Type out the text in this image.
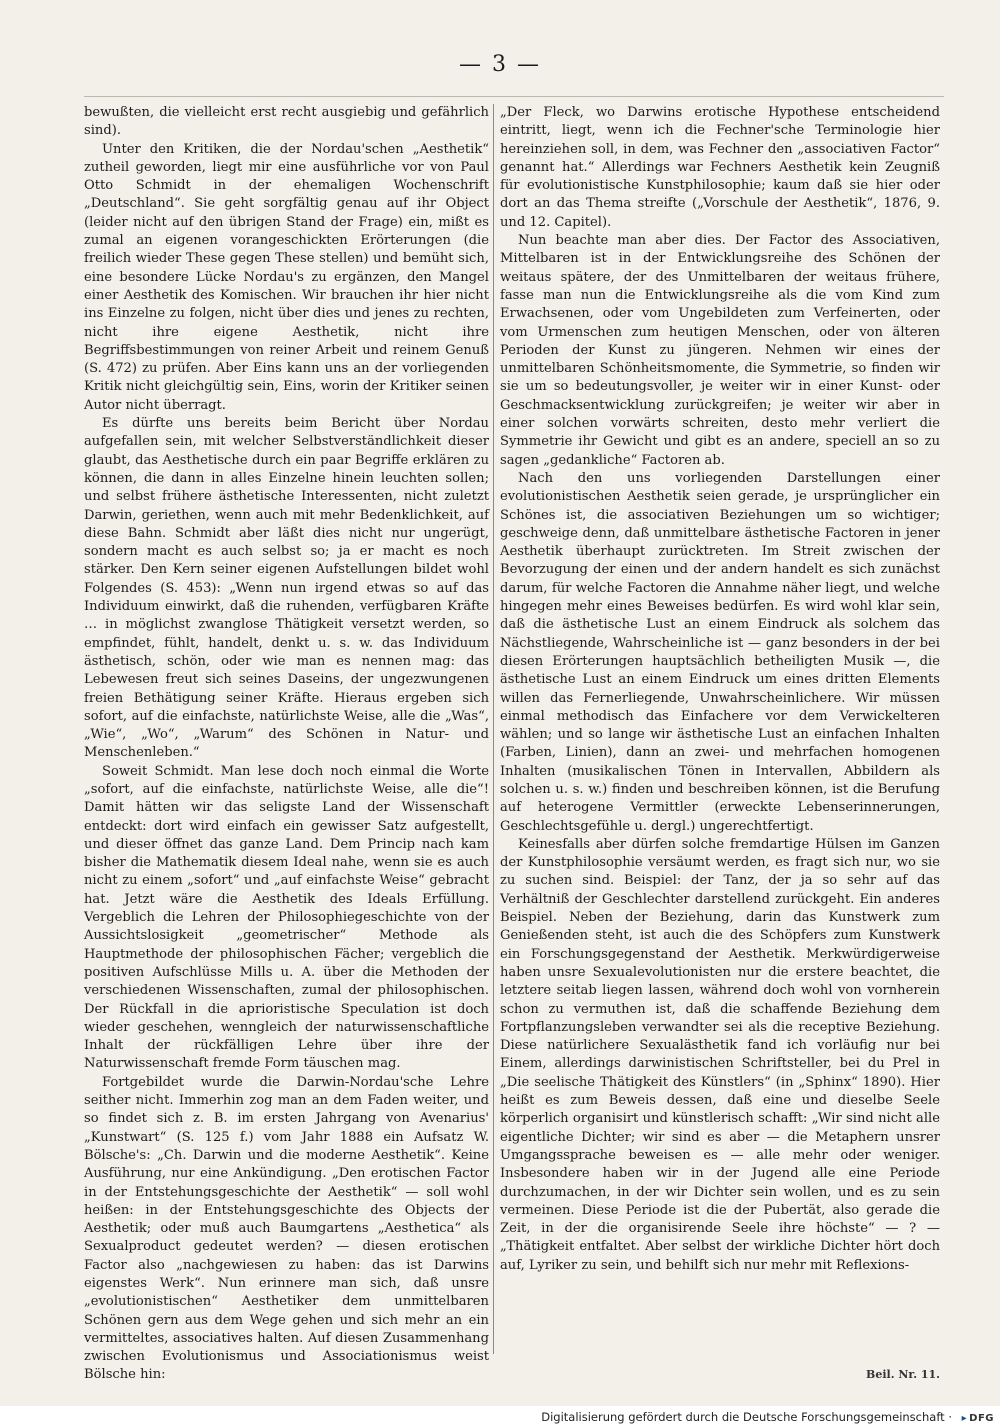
— 3 —

bewußten, die vielleicht erst recht ausgiebig und gefährlich sind).

Unter den Kritiken, die der Nordau'schen „Aesthetik“ zutheil geworden, liegt mir eine ausführliche vor von Paul Otto Schmidt in der ehemaligen Wochenschrift „Deutschland“. Sie geht sorgfältig genau auf ihr Object (leider nicht auf den übrigen Stand der Frage) ein, mißt es zumal an eigenen vorangeschickten Erörterungen (die freilich wieder These gegen These stellen) und bemüht sich, eine besondere Lücke Nordau's zu ergänzen, den Mangel einer Aesthetik des Komischen. Wir brauchen ihr hier nicht ins Einzelne zu folgen, nicht über dies und jenes zu rechten, nicht ihre eigene Aesthetik, nicht ihre Begriffsbestimmungen von reiner Arbeit und reinem Genuß (S. 472) zu prüfen. Aber Eins kann uns an der vorliegenden Kritik nicht gleichgültig sein, Eins, worin der Kritiker seinen Autor nicht überragt.

Es dürfte uns bereits beim Bericht über Nordau aufgefallen sein, mit welcher Selbstverständlichkeit dieser glaubt, das Aesthetische durch ein paar Begriffe erklären zu können, die dann in alles Einzelne hinein leuchten sollen; und selbst frühere ästhetische Interessenten, nicht zuletzt Darwin, geriethen, wenn auch mit mehr Bedenklichkeit, auf diese Bahn. Schmidt aber läßt dies nicht nur ungerügt, sondern macht es auch selbst so; ja er macht es noch stärker. Den Kern seiner eigenen Aufstellungen bildet wohl Folgendes (S. 453): „Wenn nun irgend etwas so auf das Individuum einwirkt, daß die ruhenden, verfügbaren Kräfte … in möglichst zwanglose Thätigkeit versetzt werden, so empfindet, fühlt, handelt, denkt u. s. w. das Individuum ästhetisch, schön, oder wie man es nennen mag: das Lebewesen freut sich seines Daseins, der ungezwungenen freien Bethätigung seiner Kräfte. Hieraus ergeben sich sofort, auf die einfachste, natürlichste Weise, alle die „Was“, „Wie“, „Wo“, „Warum“ des Schönen in Natur- und Menschenleben.“

Soweit Schmidt. Man lese doch noch einmal die Worte „sofort, auf die einfachste, natürlichste Weise, alle die“! Damit hätten wir das seligste Land der Wissenschaft entdeckt: dort wird einfach ein gewisser Satz aufgestellt, und dieser öffnet das ganze Land. Dem Princip nach kam bisher die Mathematik diesem Ideal nahe, wenn sie es auch nicht zu einem „sofort“ und „auf einfachste Weise“ gebracht hat. Jetzt wäre die Aesthetik des Ideals Erfüllung. Vergeblich die Lehren der Philosophiegeschichte von der Aussichtslosigkeit „geometrischer“ Methode als Hauptmethode der philosophischen Fächer; vergeblich die positiven Aufschlüsse Mills u. A. über die Methoden der verschiedenen Wissenschaften, zumal der philosophischen. Der Rückfall in die aprioristische Speculation ist doch wieder geschehen, wenngleich der naturwissenschaftliche Inhalt der rückfälligen Lehre über ihre der Naturwissenschaft fremde Form täuschen mag.

Fortgebildet wurde die Darwin-Nordau'sche Lehre seither nicht. Immerhin zog man an dem Faden weiter, und so findet sich z. B. im ersten Jahrgang von Avenarius' „Kunstwart“ (S. 125 f.) vom Jahr 1888 ein Aufsatz W. Bölsche's: „Ch. Darwin und die moderne Aesthetik“. Keine Ausführung, nur eine Ankündigung. „Den erotischen Factor in der Entstehungsgeschichte der Aesthetik“ — soll wohl heißen: in der Entstehungsgeschichte des Objects der Aesthetik; oder muß auch Baumgartens „Aesthetica“ als Sexualproduct gedeutet werden? — diesen erotischen Factor also „nachgewiesen zu haben: das ist Darwins eigenstes Werk“. Nun erinnere man sich, daß unsre „evolutionistischen“ Aesthetiker dem unmittelbaren Schönen gern aus dem Wege gehen und sich mehr an ein vermitteltes, associatives halten. Auf diesen Zusammenhang zwischen Evolutionismus und Associationismus weist Bölsche hin:

„Der Fleck, wo Darwins erotische Hypothese entscheidend eintritt, liegt, wenn ich die Fechner'sche Terminologie hier hereinziehen soll, in dem, was Fechner den „associativen Factor“ genannt hat.“ Allerdings war Fechners Aesthetik kein Zeugniß für evolutionistische Kunstphilosophie; kaum daß sie hier oder dort an das Thema streifte („Vorschule der Aesthetik“, 1876, 9. und 12. Capitel).

Nun beachte man aber dies. Der Factor des Associativen, Mittelbaren ist in der Entwicklungsreihe des Schönen der weitaus spätere, der des Unmittelbaren der weitaus frühere, fasse man nun die Entwicklungsreihe als die vom Kind zum Erwachsenen, oder vom Ungebildeten zum Verfeinerten, oder vom Urmenschen zum heutigen Menschen, oder von älteren Perioden der Kunst zu jüngeren. Nehmen wir eines der unmittelbaren Schönheitsmomente, die Symmetrie, so finden wir sie um so bedeutungsvoller, je weiter wir in einer Kunst- oder Geschmacksentwicklung zurückgreifen; je weiter wir aber in einer solchen vorwärts schreiten, desto mehr verliert die Symmetrie ihr Gewicht und gibt es an andere, speciell an so zu sagen „gedankliche“ Factoren ab.

Nach den uns vorliegenden Darstellungen einer evolutionistischen Aesthetik seien gerade, je ursprünglicher ein Schönes ist, die associativen Beziehungen um so wichtiger; geschweige denn, daß unmittelbare ästhetische Factoren in jener Aesthetik überhaupt zurücktreten. Im Streit zwischen der Bevorzugung der einen und der andern handelt es sich zunächst darum, für welche Factoren die Annahme näher liegt, und welche hingegen mehr eines Beweises bedürfen. Es wird wohl klar sein, daß die ästhetische Lust an einem Eindruck als solchem das Nächstliegende, Wahrscheinliche ist — ganz besonders in der bei diesen Erörterungen hauptsächlich betheiligten Musik —, die ästhetische Lust an einem Eindruck um eines dritten Elements willen das Fernerliegende, Unwahrscheinlichere. Wir müssen einmal methodisch das Einfachere vor dem Verwickelteren wählen; und so lange wir ästhetische Lust an einfachen Inhalten (Farben, Linien), dann an zwei- und mehrfachen homogenen Inhalten (musikalischen Tönen in Intervallen, Abbildern als solchen u. s. w.) finden und beschreiben können, ist die Berufung auf heterogene Vermittler (erweckte Lebenserinnerungen, Geschlechtsgefühle u. dergl.) ungerechtfertigt.

Keinesfalls aber dürfen solche fremdartige Hülsen im Ganzen der Kunstphilosophie versäumt werden, es fragt sich nur, wo sie zu suchen sind. Beispiel: der Tanz, der ja so sehr auf das Verhältniß der Geschlechter darstellend zurückgeht. Ein anderes Beispiel. Neben der Beziehung, darin das Kunstwerk zum Genießenden steht, ist auch die des Schöpfers zum Kunstwerk ein Forschungsgegenstand der Aesthetik. Merkwürdigerweise haben unsre Sexualevolutionisten nur die erstere beachtet, die letztere seitab liegen lassen, während doch wohl von vornherein schon zu vermuthen ist, daß die schaffende Beziehung dem Fortpflanzungsleben verwandter sei als die receptive Beziehung. Diese natürlichere Sexualästhetik fand ich vorläufig nur bei Einem, allerdings darwinistischen Schriftsteller, bei du Prel in „Die seelische Thätigkeit des Künstlers“ (in „Sphinx“ 1890). Hier heißt es zum Beweis dessen, daß eine und dieselbe Seele körperlich organisirt und künstlerisch schafft: „Wir sind nicht alle eigentliche Dichter; wir sind es aber — die Metaphern unsrer Umgangssprache beweisen es — alle mehr oder weniger. Insbesondere haben wir in der Jugend alle eine Periode durchzumachen, in der wir Dichter sein wollen, und es zu sein vermeinen. Diese Periode ist die der Pubertät, also gerade die Zeit, in der die organisirende Seele ihre höchste“ — ? — „Thätigkeit entfaltet. Aber selbst der wirkliche Dichter hört doch auf, Lyriker zu sein, und behilft sich nur mehr mit Reflexions-

Beil. Nr. 11.
Digitalisierung gefördert durch die Deutsche Forschungsgemeinschaft · ▸ DFG
